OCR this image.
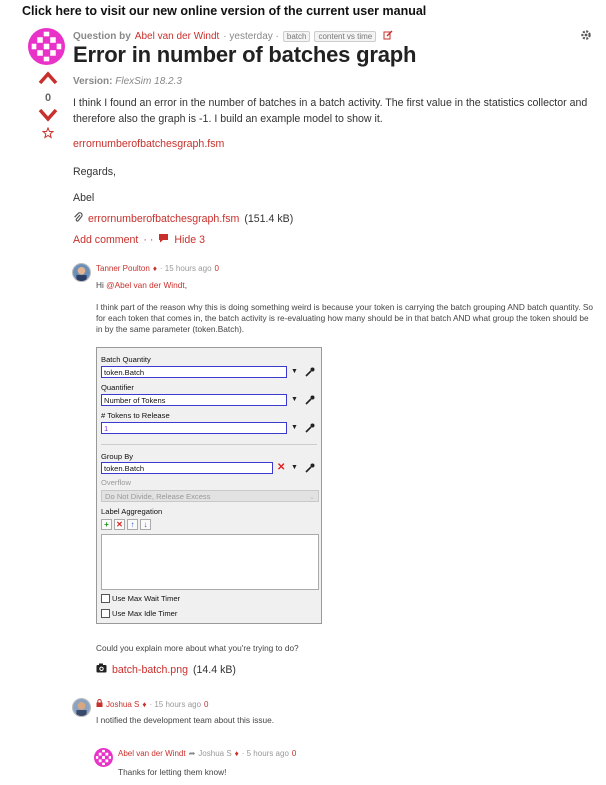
Click here to visit our new online version of the current user manual
0
Question by Abel van der Windt · yesterday ·	batch	content vs time
Error in number of batches graph
Version: FlexSim 18.2.3
I think I found an error in the number of batches in a batch activity. The first value in the statistics collector and therefore also the graph is -1. I build an example model to show it.
errornumberofbatchesgraph.fsm
Regards,
Abel
errornumberofbatchesgraph.fsm (151.4 kB)
Add comment · · Hide 3
Tanner Poulton ♦ · 15 hours ago 0
Hi @Abel van der Windt,
I think part of the reason why this is doing something weird is because your token is carrying the batch grouping AND batch quantity. So for each token that comes in, the batch activity is re-evaluating how many should be in that batch AND what group the token should be in by the same parameter (token.Batch).
Batch Quantity
token.Batch	▼
Quantifier
Number of Tokens	▼
# Tokens to Release
1	▼
Group By
token.Batch	✕ ▼
Overflow
Do Not Divide, Release Excess	⌄
Label Aggregation
+ ✕ ↑	↓
Use Max Wait Timer
Use Max Idle Timer
Could you explain more about what you're trying to do?
batch-batch.png (14.4 kB)
Joshua S ♦ · 15 hours ago 0
I notified the development team about this issue.
Abel van der Windt ➦ Joshua S ♦ · 5 hours ago 0
Thanks for letting them know!
